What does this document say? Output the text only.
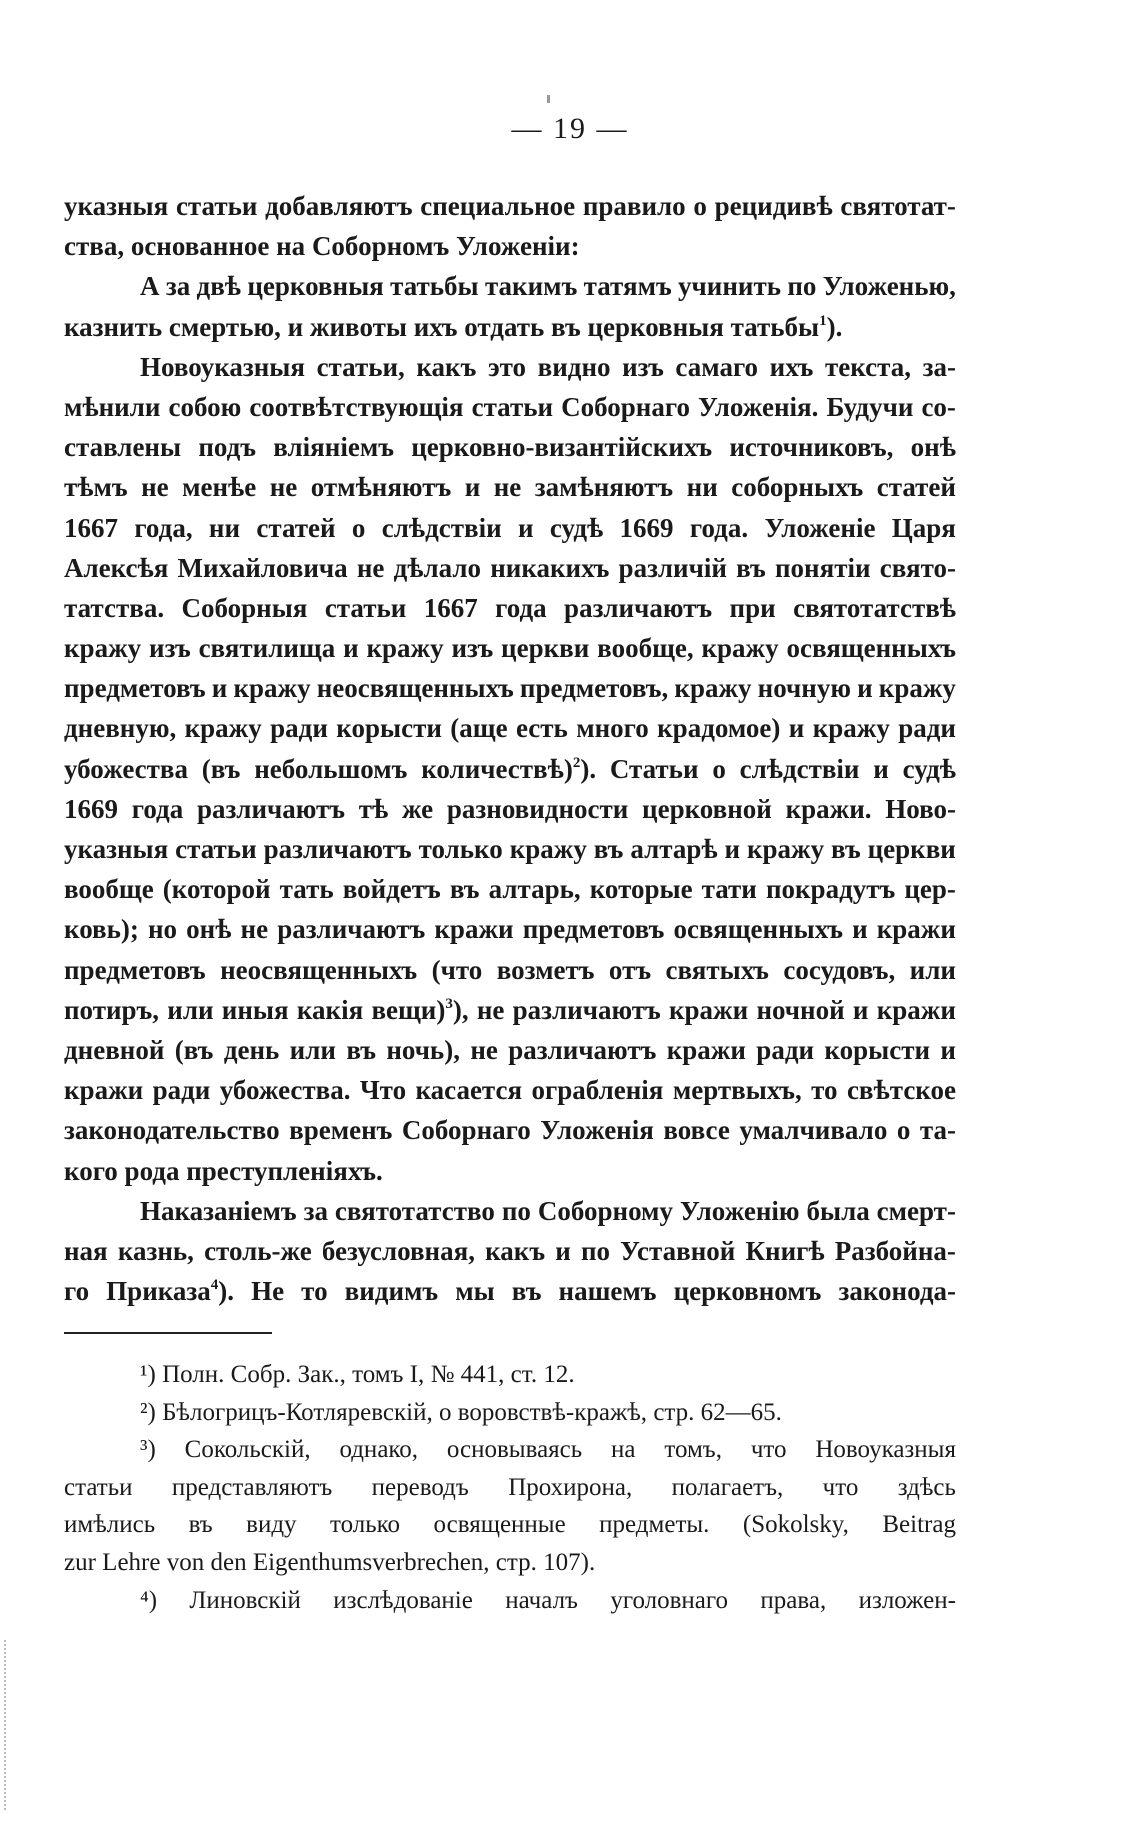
— 19 —
указныя статьи добавляютъ специальное правило о рецидивѣ святотат-
ства, основанное на Соборномъ Уложеніи:
А за двѣ церковныя татьбы такимъ татямъ учинить по Уложенью,
казнить смертью, и животы ихъ отдать въ церковныя татьбы$^1$).
Новоуказныя статьи, какъ это видно изъ самаго ихъ текста, за-
мѣнили собою соотвѣтствующія статьи Соборнаго Уложенія. Будучи со-
ставлены подъ вліяніемъ церковно-византійскихъ источниковъ, онѣ
тѣмъ не менѣе не отмѣняютъ и не замѣняютъ ни соборныхъ статей
1667 года, ни статей о слѣдствіи и судѣ 1669 года. Уложеніе Царя
Алексѣя Михайловича не дѣлало никакихъ различій въ понятіи свято-
татства. Соборныя статьи 1667 года различаютъ при святотатствѣ
кражу изъ святилища и кражу изъ церкви вообще, кражу освященныхъ
предметовъ и кражу неосвященныхъ предметовъ, кражу ночную и кражу
дневную, кражу ради корысти (аще есть много крадомое) и кражу ради
убожества (въ небольшомъ количествѣ)$^2$). Статьи о слѣдствіи и судѣ
1669 года различаютъ тѣ же разновидности церковной кражи. Ново-
указныя статьи различаютъ только кражу въ алтарѣ и кражу въ церкви
вообще (которой тать войдетъ въ алтарь, которые тати покрадутъ цер-
ковь); но онѣ не различаютъ кражи предметовъ освященныхъ и кражи
предметовъ неосвященныхъ (что возметъ отъ святыхъ сосудовъ, или
потиръ, или иныя какія вещи)$^3$), не различаютъ кражи ночной и кражи
дневной (въ день или въ ночь), не различаютъ кражи ради корысти и
кражи ради убожества. Что касается ограбленія мертвыхъ, то свѣтское
законодательство временъ Соборнаго Уложенія вовсе умалчивало о та-
кого рода преступленіяхъ.
Наказаніемъ за святотатство по Соборному Уложенію была смерт-
ная казнь, столь-же безусловная, какъ и по Уставной Книгѣ Разбойна-
го Приказа$^4$). Не то видимъ мы въ нашемъ церковномъ законода-
¹) Полн. Собр. Зак., томъ I, № 441, ст. 12.
²) Бѣлогрицъ-Котляревскій, о воровствѣ-кражѣ, стр. 62—65.
³) Сокольскій, однако, основываясь на томъ, что Новоуказныя
статьи представляютъ переводъ Прохирона, полагаетъ, что здѣсь
имѣлись въ виду только освященные предметы. (Sokolsky, Beitrag
zur Lehre von den Eigenthumsverbrechen, стр. 107).
⁴) Линовскій изслѣдованіе началъ уголовнаго права, изложен-
